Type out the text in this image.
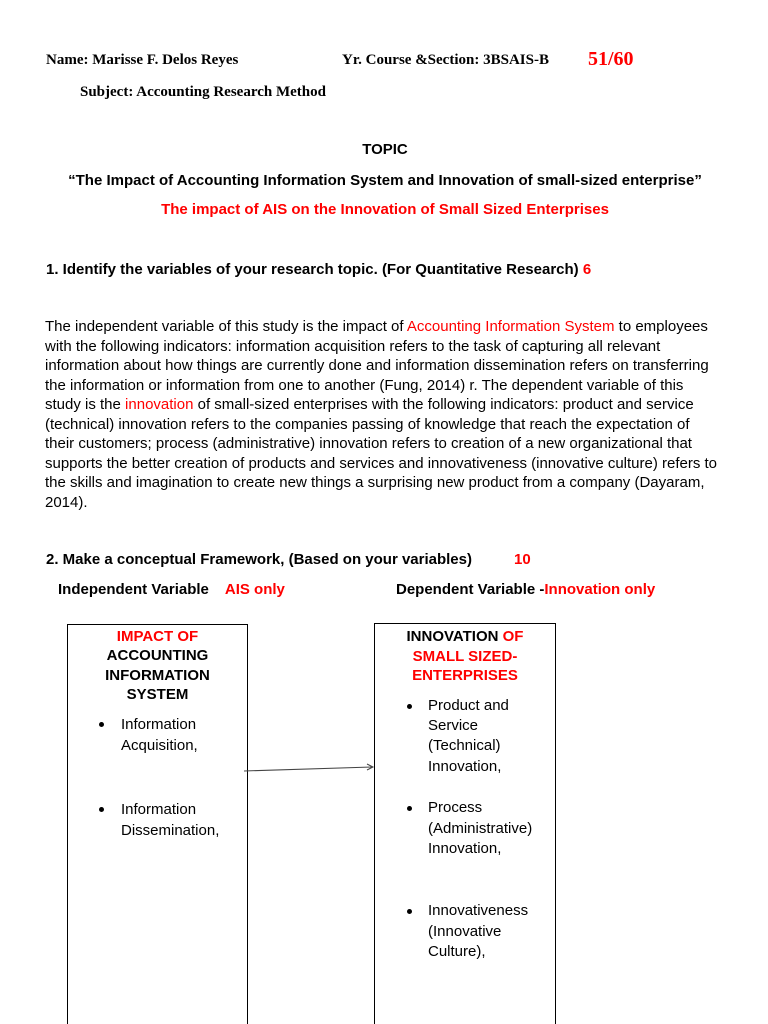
Name: Marisse F. Delos Reyes	Yr. Course &Section: 3BSAIS-B 51/60
Subject: Accounting Research Method
TOPIC
“The Impact of Accounting Information System and Innovation of small-sized enterprise”
The impact of AIS on the Innovation of Small Sized Enterprises
1. Identify the variables of your research topic. (For Quantitative Research) 6
The independent variable of this study is the impact of Accounting Information System to employees
with the following indicators: information acquisition refers to the task of capturing all relevant
information about how things are currently done and information dissemination refers on transferring
the information or information from one to another (Fung, 2014) r. The dependent variable of this
study is the innovation of small-sized enterprises with the following indicators: product and service
(technical) innovation refers to the companies passing of knowledge that reach the expectation of
their customers; process (administrative) innovation refers to creation of a new organizational that
supports the better creation of products and services and innovativeness (innovative culture) refers to
the skills and imagination to create new things a surprising new product from a company (Dayaram,
2014).
2. Make a conceptual Framework, (Based on your variables)	10
Independent Variable AIS only	Dependent Variable -Innovation only
IMPACT OF
ACCOUNTING
INFORMATION
SYSTEM
Information Acquisition,
Information Dissemination,
INNOVATION OF
SMALL SIZED-
ENTERPRISES
Product and Service (Technical) Innovation,
Process (Administrative) Innovation,
Innovativeness (Innovative Culture),
